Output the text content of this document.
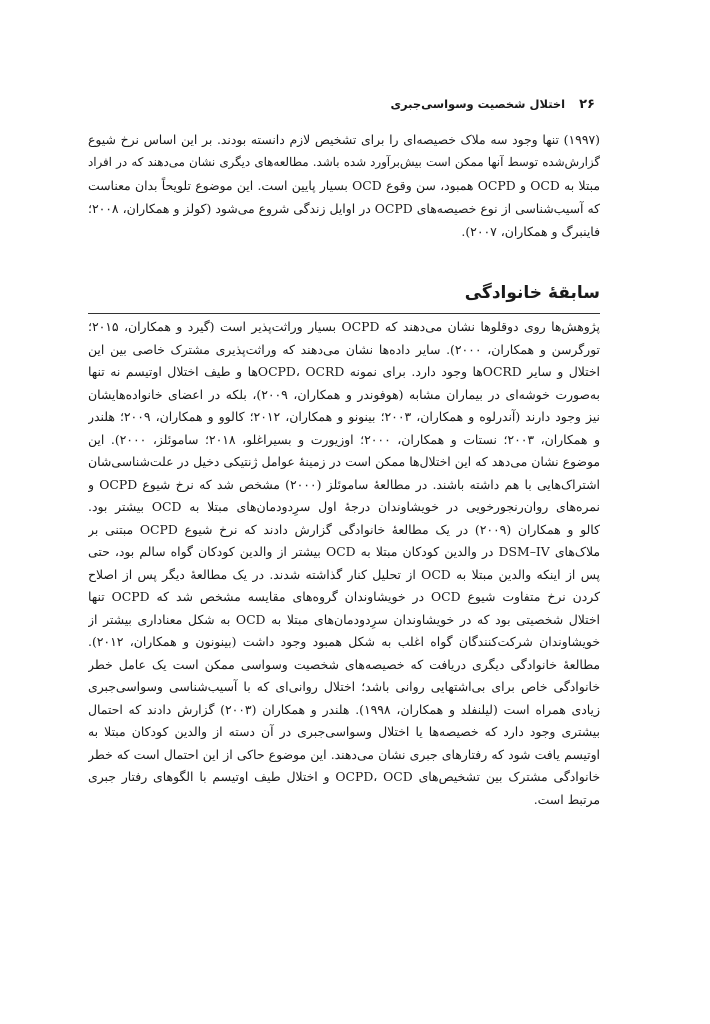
۲۶
اختلال شخصیت وسواسی‌جبری
(۱۹۹۷) تنها وجود سه ملاک خصیصه‌ای را برای تشخیص لازم دانسته بودند. بر این اساس نرخ شیوع
گزارش‌شده توسط آنها ممکن است بیش‌برآورد شده باشد. مطالعه‌های دیگری نشان می‌دهند که در افراد
مبتلا به OCD و OCPD همبود، سن وقوع OCD بسیار پایین است. این موضوع تلویحاً بدان معناست
که آسیب‌شناسی از نوع خصیصه‌های OCPD در اوایل زندگی شروع می‌شود (کولز و همکاران، ۲۰۰۸؛
فاینبرگ و همکاران، ۲۰۰۷).
سابقۀ خانوادگی
پژوهش‌ها روی دوقلوها نشان می‌دهند که OCPD بسیار وراثت‌پذیر است (گیرد و همکاران، ۲۰۱۵؛
تورگرسن و همکاران، ۲۰۰۰). سایر داده‌ها نشان می‌دهند که وراثت‌پذیری مشترک خاصی بین این
اختلال و سایر OCRDها وجود دارد. برای نمونه OCPD، OCRDها و طیف اختلال اوتیسم نه تنها
به‌صورت خوشه‌ای در بیماران مشابه (هوفوندر و همکاران، ۲۰۰۹)، بلکه در اعضای خانواده‌هایشان
نیز وجود دارند (آندرلوه و همکاران، ۲۰۰۳؛ بینونو و همکاران، ۲۰۱۲؛ کالوو و همکاران، ۲۰۰۹؛ هلندر
و همکاران، ۲۰۰۳؛ نستات و همکاران، ۲۰۰۰؛ اوزیورت و بسیراغلو، ۲۰۱۸؛ ساموئلز، ۲۰۰۰). این
موضوع نشان می‌دهد که این اختلال‌ها ممکن است در زمینۀ عوامل ژنتیکی دخیل در علت‌شناسی‌شان
اشتراک‌هایی با هم داشته باشند. در مطالعۀ ساموئلز (۲۰۰۰) مشخص شد که نرخ شیوع OCPD و
نمره‌های روان‌رنجورخویی در خویشاوندان درجۀ اول سرِدودمان‌های مبتلا به OCD بیشتر بود.
کالو و همکاران (۲۰۰۹) در یک مطالعۀ خانوادگی گزارش دادند که نرخ شیوع OCPD مبتنی بر
ملاک‌های DSM–IV در والدین کودکان مبتلا به OCD بیشتر از والدین کودکان گواه سالم بود، حتی
پس از اینکه والدین مبتلا به OCD از تحلیل کنار گذاشته شدند. در یک مطالعۀ دیگر پس از اصلاح
کردن نرخ متفاوت شیوع OCD در خویشاوندان گروه‌های مقایسه مشخص شد که OCPD تنها
اختلال شخصیتی بود که در خویشاوندان سرِدودمان‌های مبتلا به OCD به شکل معناداری بیشتر از
خویشاوندان شرکت‌کنندگان گواه اغلب به شکل همبود وجود داشت (بینونون و همکاران، ۲۰۱۲).
مطالعۀ خانوادگی دیگری دریافت که خصیصه‌های شخصیت وسواسی ممکن است یک عامل خطر
خانوادگی خاص برای بی‌اشتهایی روانی باشد؛ اختلال روانی‌ای که با آسیب‌شناسی وسواسی‌جبری
زیادی همراه است (لیلنفلد و همکاران، ۱۹۹۸). هلندر و همکاران (۲۰۰۳) گزارش دادند که احتمال
بیشتری وجود دارد که خصیصه‌ها یا اختلال وسواسی‌جبری در آن دسته از والدین کودکان مبتلا به
اوتیسم یافت شود که رفتارهای جبری نشان می‌دهند. این موضوع حاکی از این احتمال است که خطر
خانوادگی مشترک بین تشخیص‌های OCPD، OCD و اختلال طیف اوتیسم با الگوهای رفتار جبری
مرتبط است.
